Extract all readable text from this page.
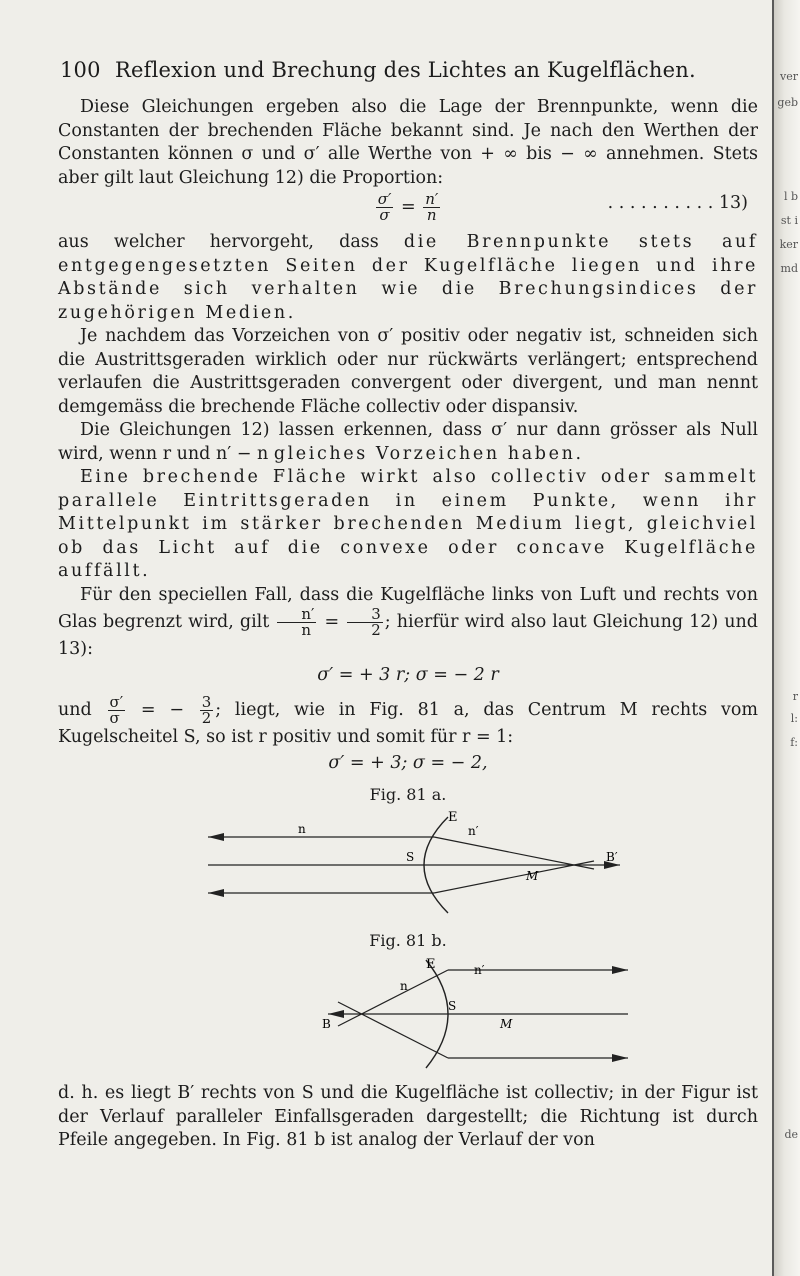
100 Reflexion und Brechung des Lichtes an Kugelflächen.

Diese Gleichungen ergeben also die Lage der Brennpunkte, wenn die Constanten der brechenden Fläche bekannt sind. Je nach den Werthen der Constanten können σ und σ′ alle Werthe von + ∞ bis − ∞ annehmen. Stets aber gilt laut Gleichung 12) die Proportion:

$\frac{\sigma'}{\sigma} = \frac{n'}{n}$	. . . . . . . . . . 13)

aus welcher hervorgeht, dass die Brennpunkte stets auf entgegengesetzten Seiten der Kugelfläche liegen und ihre Abstände sich verhalten wie die Brechungsindices der zugehörigen Medien.

Je nachdem das Vorzeichen von σ′ positiv oder negativ ist, schneiden sich die Austrittsgeraden wirklich oder nur rückwärts verlängert; entsprechend verlaufen die Austrittsgeraden convergent oder divergent, und man nennt demgemäss die brechende Fläche collectiv oder dispansiv.

Die Gleichungen 12) lassen erkennen, dass σ′ nur dann grösser als Null wird, wenn r und n′ − n gleiches Vorzeichen haben.

Eine brechende Fläche wirkt also collectiv oder sammelt parallele Eintrittsgeraden in einem Punkte, wenn ihr Mittelpunkt im stärker brechenden Medium liegt, gleichviel ob das Licht auf die convexe oder concave Kugelfläche auffällt.

Für den speciellen Fall, dass die Kugelfläche links von Luft und rechts von Glas begrenzt wird, gilt $\frac{n'}{n} = \frac{3}{2}$ ; hierfür wird also laut Gleichung 12) und 13):

σ′ = + 3 r; σ = − 2 r

und $\frac{\sigma'}{\sigma}$ = − $\frac{3}{2}$ ; liegt, wie in Fig. 81 a, das Centrum M rechts vom Kugelscheitel S, so ist r positiv und somit für r = 1:

σ′ = + 3; σ = − 2,
Fig. 81 a.
E
n	n′
S
M
B′
Fig. 81 b.
E
n
n′
S
M
B

d. h. es liegt B′ rechts von S und die Kugelfläche ist collectiv; in der Figur ist der Verlauf paralleler Einfallsgeraden dargestellt; die Richtung ist durch Pfeile angegeben. In Fig. 81 b ist analog der Verlauf der von

ver
geb
l b
st i
ker
md
r
l:
f:
de
